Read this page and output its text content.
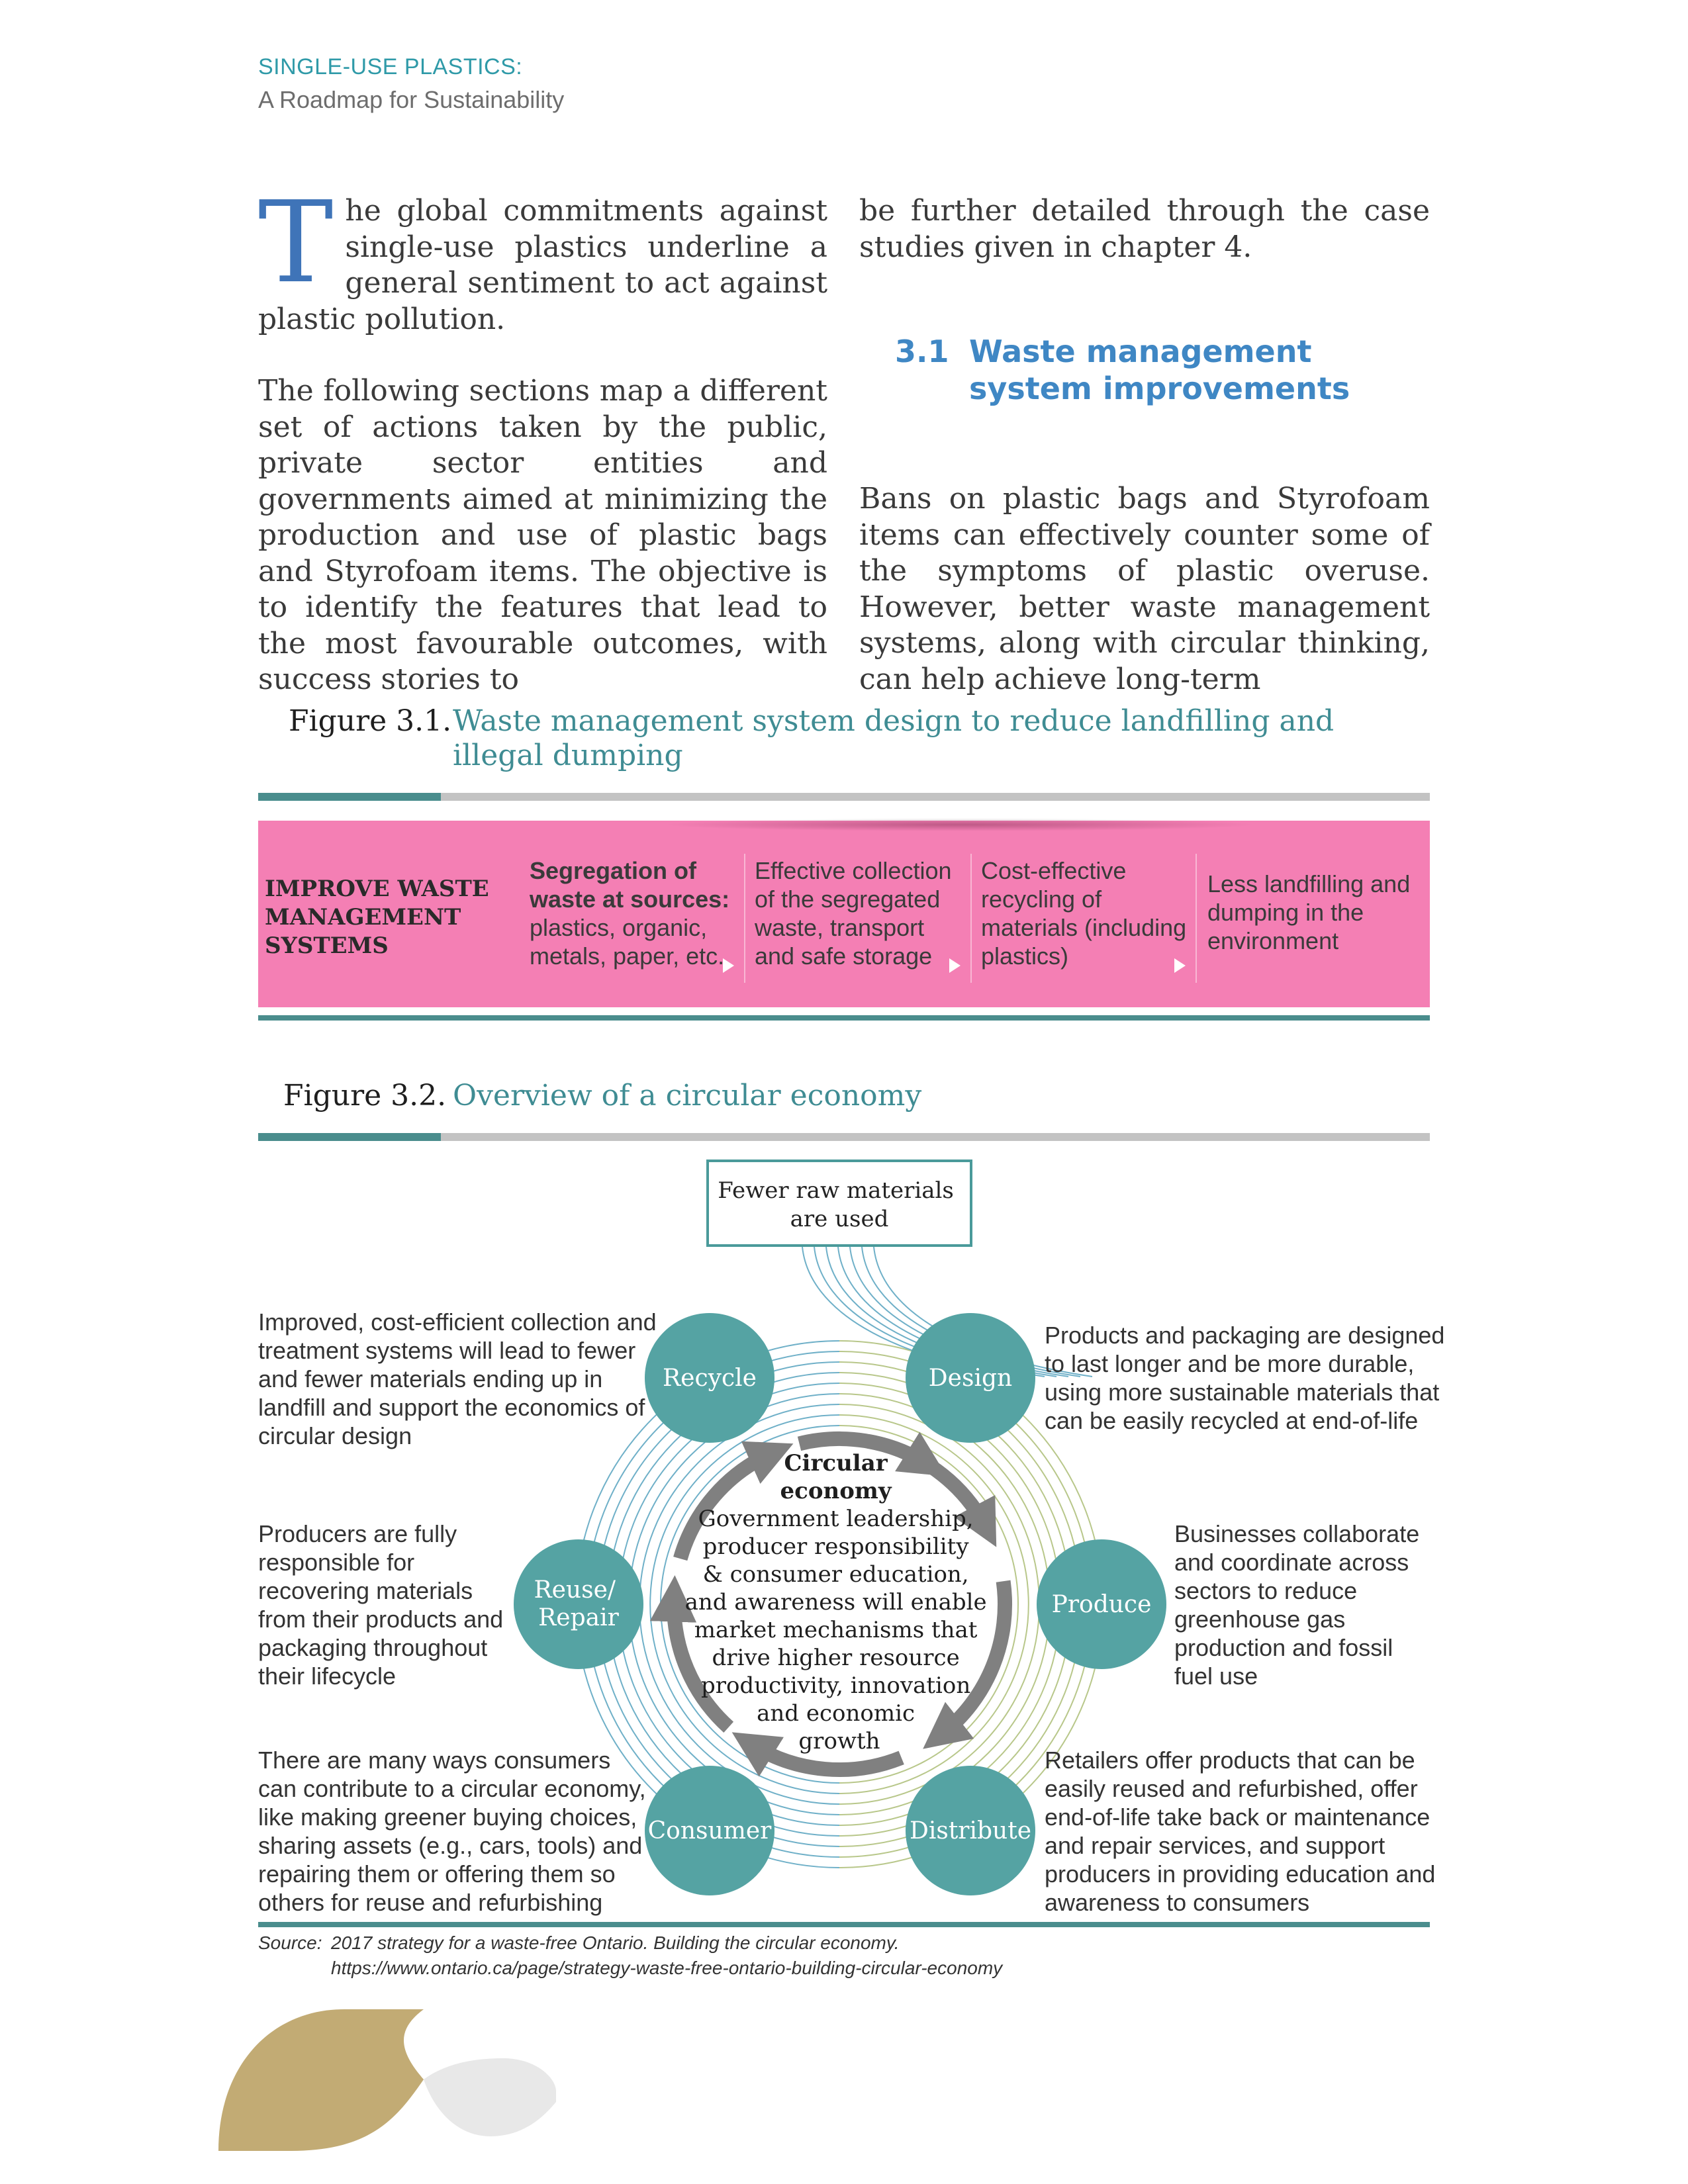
SINGLE-USE PLASTICS:
A Roadmap for Sustainability

The global commitments against single-use plastics underline a general sentiment to act against plastic pollution.

The following sections map a different set of actions taken by the public, private sector entities and governments aimed at minimizing the production and use of plastic bags and Styrofoam items. The objective is to identify the features that lead to the most favourable outcomes, with success stories to

be further detailed through the case studies given in chapter 4.

Bans on plastic bags and Styrofoam items can effectively counter some of the symptoms of plastic overuse. However, better waste management systems, along with circular thinking, can help achieve long-term

3.1 Waste management system improvements
Figure 3.1. Waste management system design to reduce landfilling and illegal dumping
IMPROVE WASTE MANAGEMENT SYSTEMS
Segregation of waste at sources: plastics, organic, metals, paper, etc.
Effective collection of the segregated waste, transport and safe storage
Cost-effective recycling of materials (including plastics)
Less landfilling and dumping in the environment
Figure 3.2. Overview of a circular economy
Fewer raw materials are used
Circular economy Government leadership, producer responsibility & consumer education, and awareness will enable market mechanisms that drive higher resource productivity, innovation and economic growth
Recycle	Design
Reuse/ Repair	Produce
Consumer	Distribute
Improved, cost-efficient collection and treatment systems will lead to fewer and fewer materials ending up in landfill and support the economics of circular design
Products and packaging are designed to last longer and be more durable, using more sustainable materials that can be easily recycled at end-of-life
Producers are fully responsible for recovering materials from their products and packaging throughout their lifecycle
Businesses collaborate and coordinate across sectors to reduce greenhouse gas production and fossil fuel use
There are many ways consumers can contribute to a circular economy, like making greener buying choices, sharing assets (e.g., cars, tools) and repairing them or offering them so others for reuse and refurbishing
Retailers offer products that can be easily reused and refurbished, offer end-of-life take back or maintenance and repair services, and support producers in providing education and awareness to consumers
Source: 2017 strategy for a waste-free Ontario. Building the circular economy.
https://www.ontario.ca/page/strategy-waste-free-ontario-building-circular-economy
18
